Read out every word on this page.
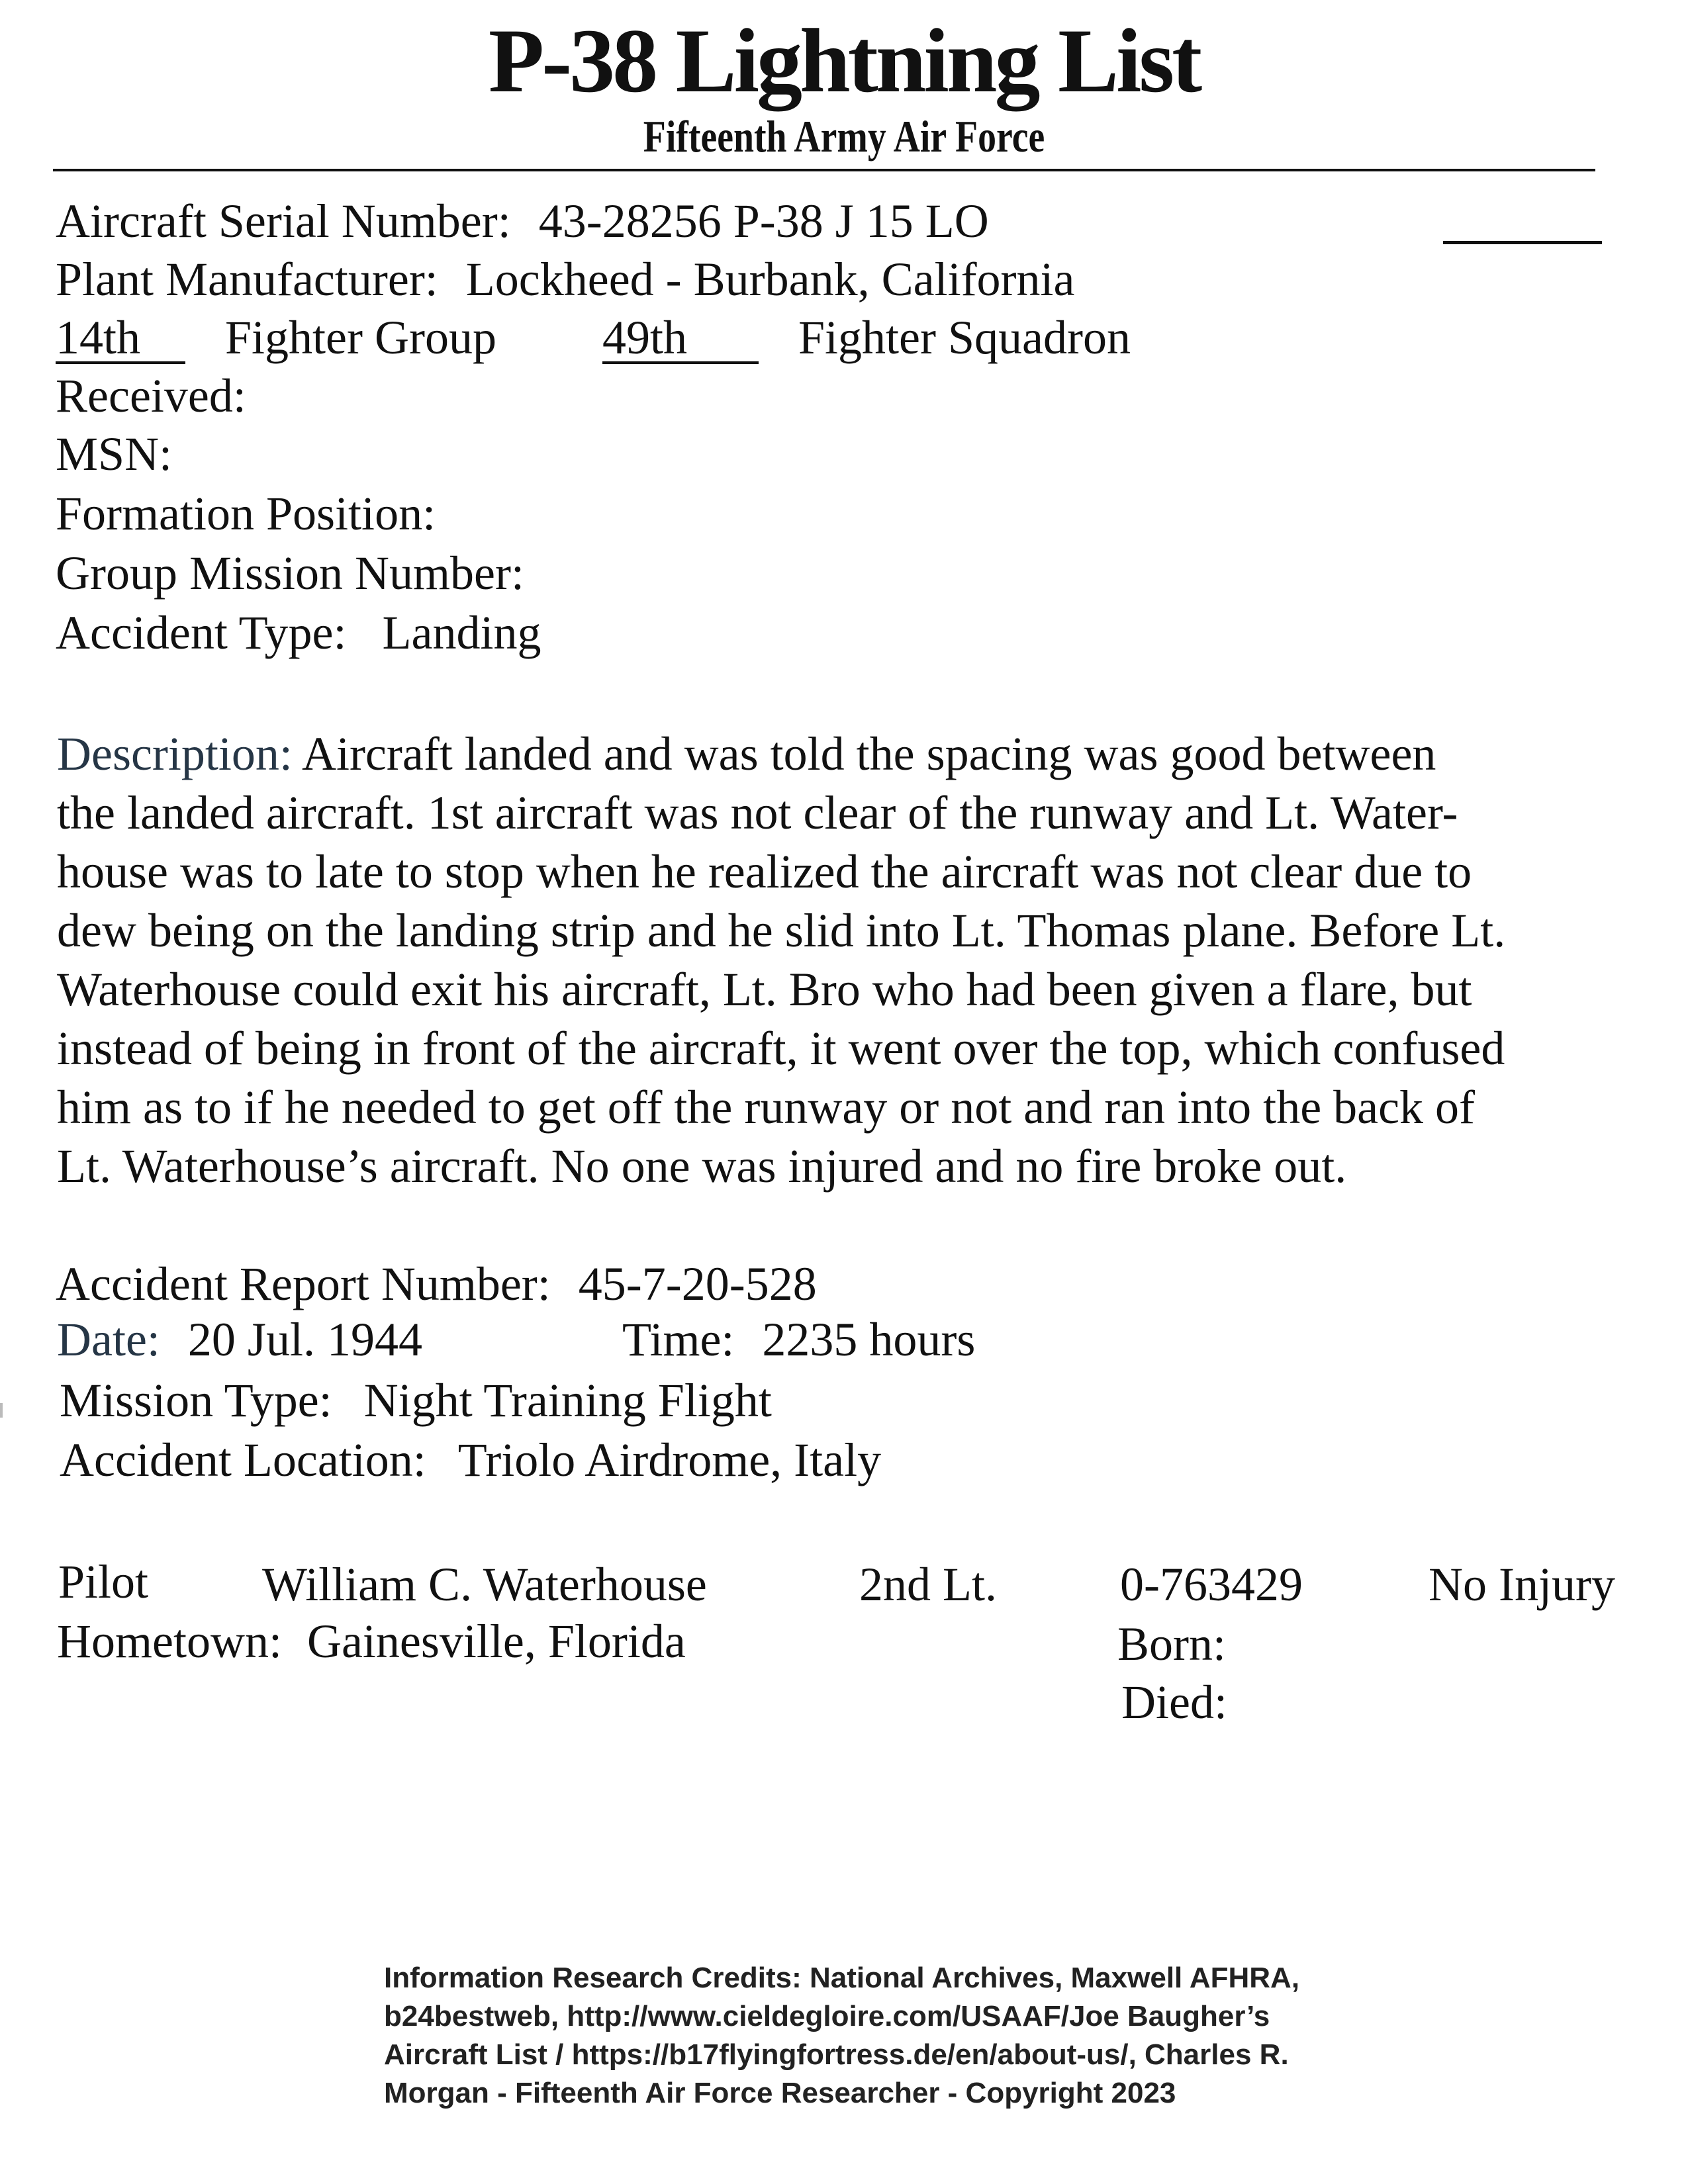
P-38 Lightning List
Fifteenth Army Air Force
Aircraft Serial Number: 43-28256 P-38 J 15 LO
Plant Manufacturer: Lockheed - Burbank, California
14th Fighter Group 49th Fighter Squadron
Received:
MSN:
Formation Position:
Group Mission Number:
Accident Type: Landing
Description: Aircraft landed and was told the spacing was good between
the landed aircraft. 1st aircraft was not clear of the runway and Lt. Water-
house was to late to stop when he realized the aircraft was not clear due to
dew being on the landing strip and he slid into Lt. Thomas plane. Before Lt.
Waterhouse could exit his aircraft, Lt. Bro who had been given a flare, but
instead of being in front of the aircraft, it went over the top, which confused
him as to if he needed to get off the runway or not and ran into the back of
Lt. Waterhouse’s aircraft. No one was injured and no fire broke out.
Accident Report Number: 45-7-20-528
Date: 20 Jul. 1944	Time: 2235 hours
Mission Type: Night Training Flight
Accident Location: Triolo Airdrome, Italy
Pilot William C. Waterhouse	2nd Lt.	0-763429	No Injury
Hometown: Gainesville, Florida	Born:
Died:
Information Research Credits: National Archives, Maxwell AFHRA,
b24bestweb, http://www.cieldegloire.com/USAAF/Joe Baugher’s
Aircraft List / https://b17flyingfortress.de/en/about-us/, Charles R.
Morgan - Fifteenth Air Force Researcher - Copyright 2023
